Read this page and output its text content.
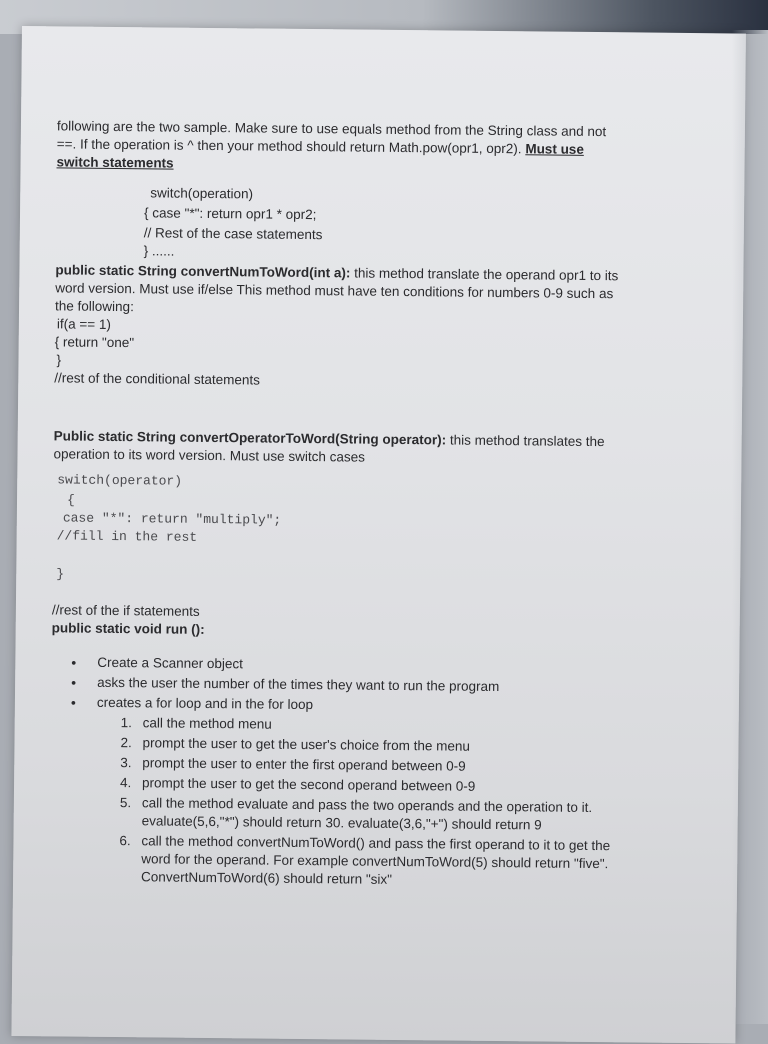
following are the two sample. Make sure to use equals method from the String class and not
==. If the operation is ^ then your method should return Math.pow(opr1, opr2). Must use
switch statements
switch(operation)
{ case "*": return opr1 * opr2;
// Rest of the case statements
} ......
public static String convertNumToWord(int a): this method translate the operand opr1 to its
word version. Must use if/else This method must have ten conditions for numbers 0-9 such as
the following:
if(a == 1)
{ return "one"
}
//rest of the conditional statements
Public static String convertOperatorToWord(String operator): this method translates the
operation to its word version. Must use switch cases
switch(operator)
{
case "*": return "multiply";
//fill in the rest
}
//rest of the if statements
public static void run ():
• Create a Scanner object
• asks the user the number of the times they want to run the program
• creates a for loop and in the for loop
1. call the method menu
2. prompt the user to get the user's choice from the menu
3. prompt the user to enter the first operand between 0-9
4. prompt the user to get the second operand between 0-9
5. call the method evaluate and pass the two operands and the operation to it.
evaluate(5,6,"*") should return 30. evaluate(3,6,"+") should return 9
6. call the method convertNumToWord() and pass the first operand to it to get the
word for the operand. For example convertNumToWord(5) should return "five".
ConvertNumToWord(6) should return "six"
